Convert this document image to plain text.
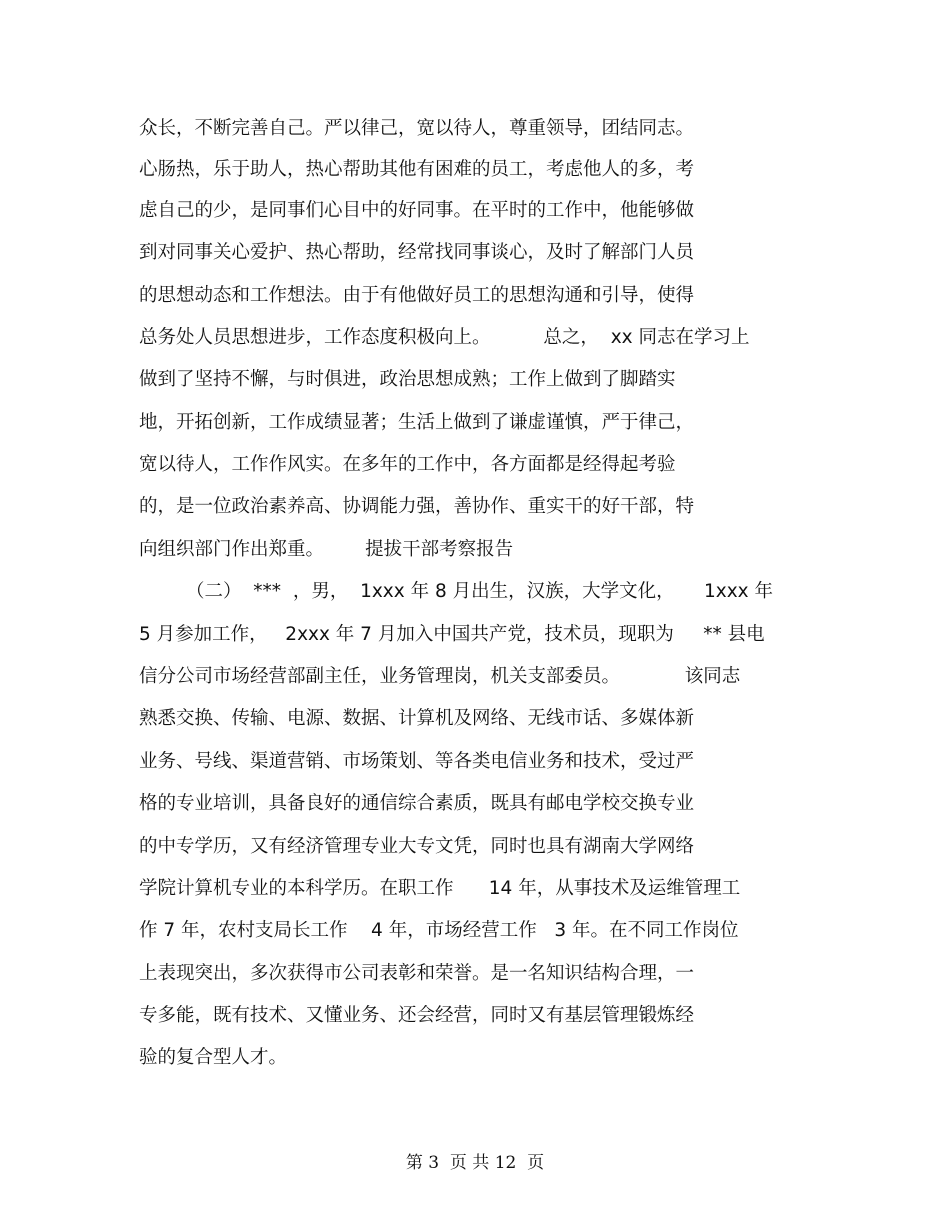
众长，不断完善自己。严以律己，宽以待人，尊重领导，团结同志。
心肠热，乐于助人，热心帮助其他有困难的员工，考虑他人的多，考
虑自己的少，是同事们心目中的好同事。在平时的工作中，他能够做
到对同事关心爱护、热心帮助，经常找同事谈心，及时了解部门人员
的思想动态和工作想法。由于有他做好员工的思想沟通和引导，使得
总务处人员思想进步，工作态度积极向上。         总之，  xx 同志在学习上
做到了坚持不懈，与时俱进，政治思想成熟；工作上做到了脚踏实
地，开拓创新，工作成绩显著；生活上做到了谦虚谨慎，严于律己，
宽以待人，工作作风实。在多年的工作中，各方面都是经得起考验
的，是一位政治素养高、协调能力强，善协作、重实干的好干部，特
向组织部门作出郑重。       提拔干部考察报告
（二）  ***  ，男，  1xxx 年 8 月出生，汉族，大学文化，     1xxx 年
5 月参加工作，   2xxx 年 7 月加入中国共产党，技术员，现职为     ** 县电
信分公司市场经营部副主任，业务管理岗，机关支部委员。           该同志
熟悉交换、传输、电源、数据、计算机及网络、无线市话、多媒体新
业务、号线、渠道营销、市场策划、等各类电信业务和技术，受过严
格的专业培训，具备良好的通信综合素质，既具有邮电学校交换专业
的中专学历，又有经济管理专业大专文凭，同时也具有湖南大学网络
学院计算机专业的本科学历。在职工作      14 年，从事技术及运维管理工
作 7 年，农村支局长工作    4 年，市场经营工作   3 年。在不同工作岗位
上表现突出，多次获得市公司表彰和荣誉。是一名知识结构合理，一
专多能，既有技术、又懂业务、还会经营，同时又有基层管理锻炼经
验的复合型人才。
第 3  页 共 12  页
